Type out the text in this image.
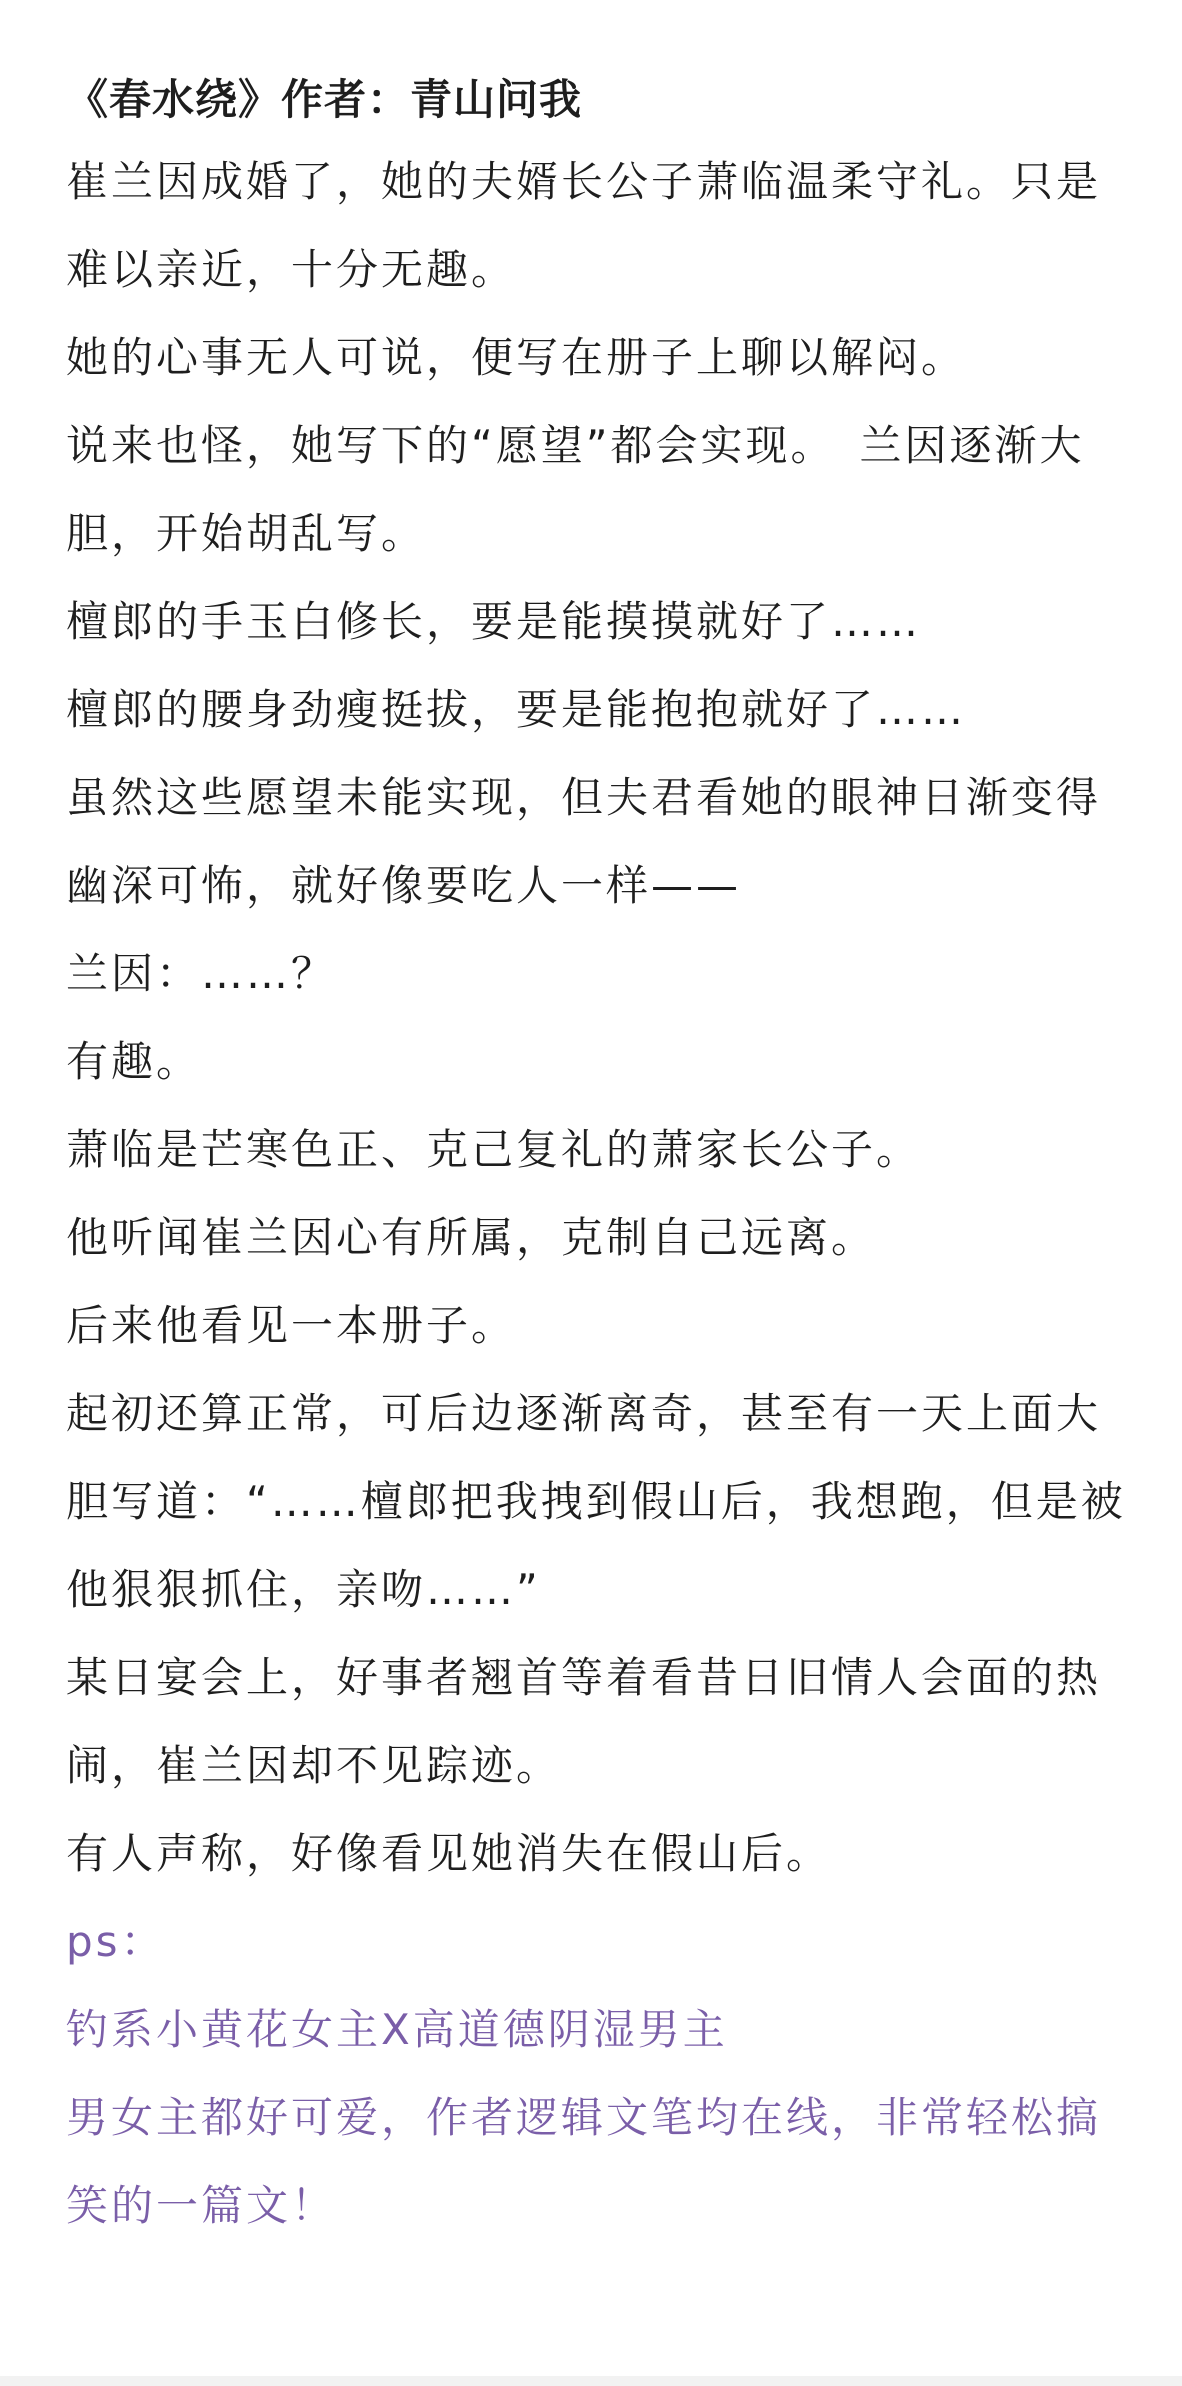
《春水绕》作者：青山问我

崔兰因成婚了，她的夫婿长公子萧临温柔守礼。只是难以亲近，十分无趣。

她的心事无人可说，便写在册子上聊以解闷。

说来也怪，她写下的“愿望”都会实现。　兰因逐渐大胆，开始胡乱写。

檀郎的手玉白修长，要是能摸摸就好了……

檀郎的腰身劲瘦挺拔，要是能抱抱就好了……

虽然这些愿望未能实现，但夫君看她的眼神日渐变得幽深可怖，就好像要吃人一样——

兰因：……？

有趣。

萧临是芒寒色正、克己复礼的萧家长公子。

他听闻崔兰因心有所属，克制自己远离。

后来他看见一本册子。

起初还算正常，可后边逐渐离奇，甚至有一天上面大胆写道：“……檀郎把我拽到假山后，我想跑，但是被他狠狠抓住，亲吻……”

某日宴会上，好事者翘首等着看昔日旧情人会面的热闹，崔兰因却不见踪迹。

有人声称，好像看见她消失在假山后。

ps：

钓系小黄花女主X高道德阴湿男主

男女主都好可爱，作者逻辑文笔均在线，非常轻松搞笑的一篇文！
